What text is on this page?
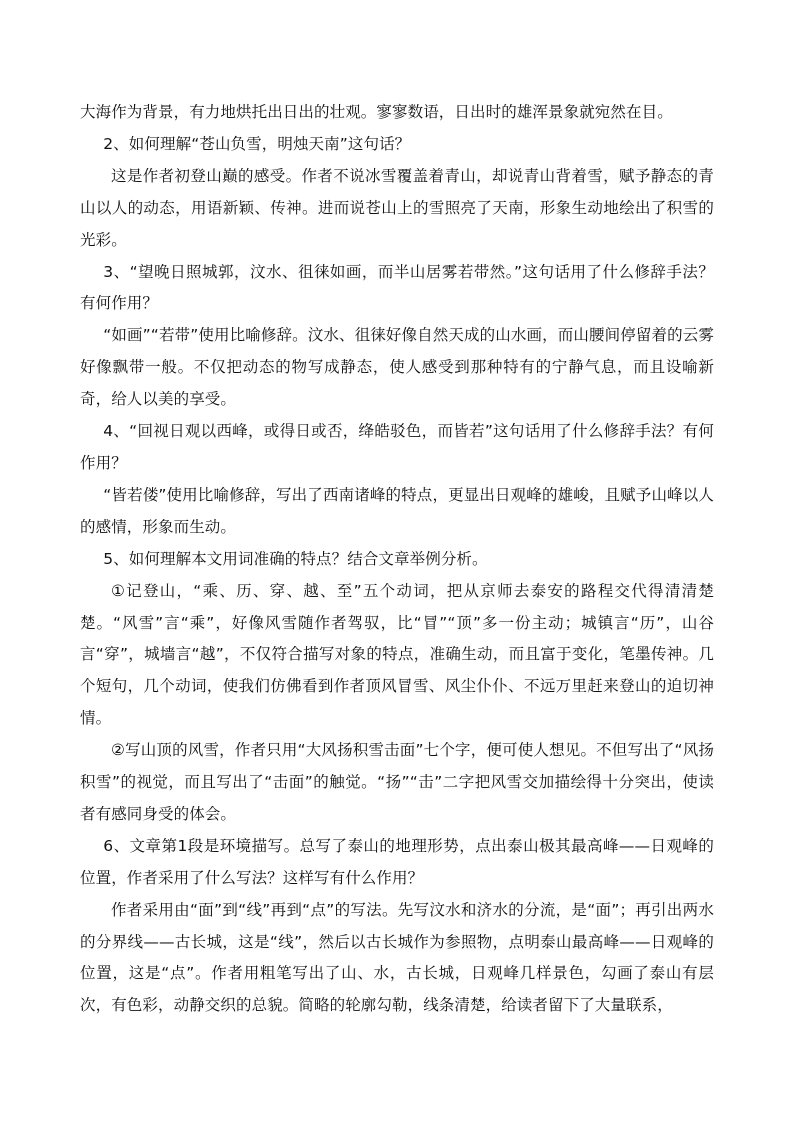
大海作为背景，有力地烘托出日出的壮观。寥寥数语，日出时的雄浑景象就宛然在目。

2、如何理解“苍山负雪，明烛天南”这句话？

这是作者初登山巅的感受。作者不说冰雪覆盖着青山，却说青山背着雪，赋予静态的青山以人的动态，用语新颖、传神。进而说苍山上的雪照亮了天南，形象生动地绘出了积雪的光彩。

3、“望晚日照城郭，汶水、徂徕如画，而半山居雾若带然。”这句话用了什么修辞手法？有何作用？

“如画”“若带”使用比喻修辞。汶水、徂徕好像自然天成的山水画，而山腰间停留着的云雾好像飘带一般。不仅把动态的物写成静态，使人感受到那种特有的宁静气息，而且设喻新奇，给人以美的享受。

4、“回视日观以西峰，或得日或否，绛皓驳色，而皆若”这句话用了什么修辞手法？有何作用？

“皆若偻”使用比喻修辞，写出了西南诸峰的特点，更显出日观峰的雄峻，且赋予山峰以人的感情，形象而生动。

5、如何理解本文用词准确的特点？结合文章举例分析。

①记登山，“乘、历、穿、越、至”五个动词，把从京师去泰安的路程交代得清清楚楚。“风雪”言“乘”，好像风雪随作者驾驭，比“冒”“顶”多一份主动；城镇言“历”，山谷言“穿”，城墙言“越”，不仅符合描写对象的特点，准确生动，而且富于变化，笔墨传神。几个短句，几个动词，使我们仿佛看到作者顶风冒雪、风尘仆仆、不远万里赶来登山的迫切神情。

②写山顶的风雪，作者只用“大风扬积雪击面”七个字，便可使人想见。不但写出了“风扬积雪”的视觉，而且写出了“击面”的触觉。“扬”“击”二字把风雪交加描绘得十分突出，使读者有感同身受的体会。

6、文章第1段是环境描写。总写了泰山的地理形势，点出泰山极其最高峰——日观峰的位置，作者采用了什么写法？这样写有什么作用？

作者采用由“面”到“线”再到“点”的写法。先写汶水和济水的分流，是“面”；再引出两水的分界线——古长城，这是“线”，然后以古长城作为参照物，点明泰山最高峰——日观峰的位置，这是“点”。作者用粗笔写出了山、水，古长城，日观峰几样景色，勾画了泰山有层次，有色彩，动静交织的总貌。简略的轮廓勾勒，线条清楚，给读者留下了大量联系，
